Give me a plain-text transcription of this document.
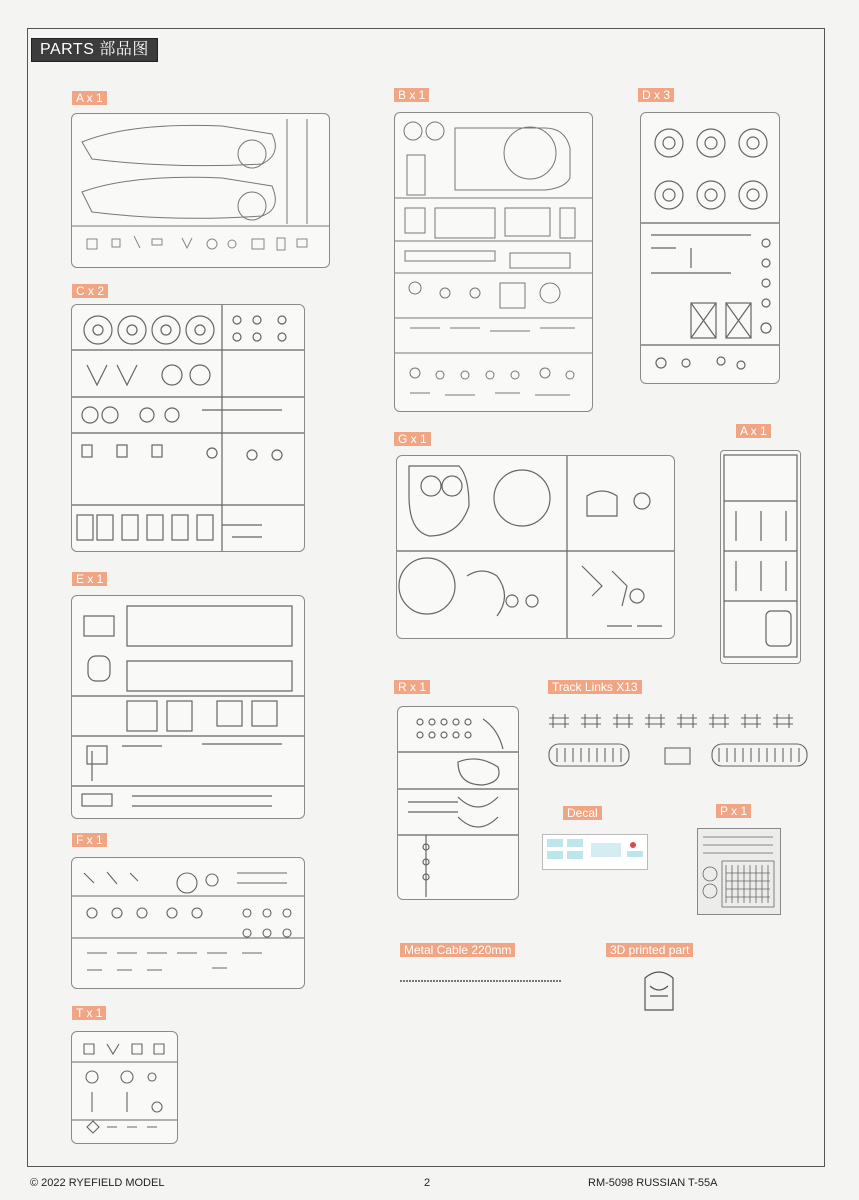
PARTS 部品图
A x 1	B x 1	D x 3
C x 2
G x 1
A x 1
E x 1
R x 1	Track Links X13
Decal	P x 1
F x 1
Metal Cable 220mm	3D printed part
T x 1
© 2022 RYEFIELD MODEL	2	RM-5098 RUSSIAN T-55A
